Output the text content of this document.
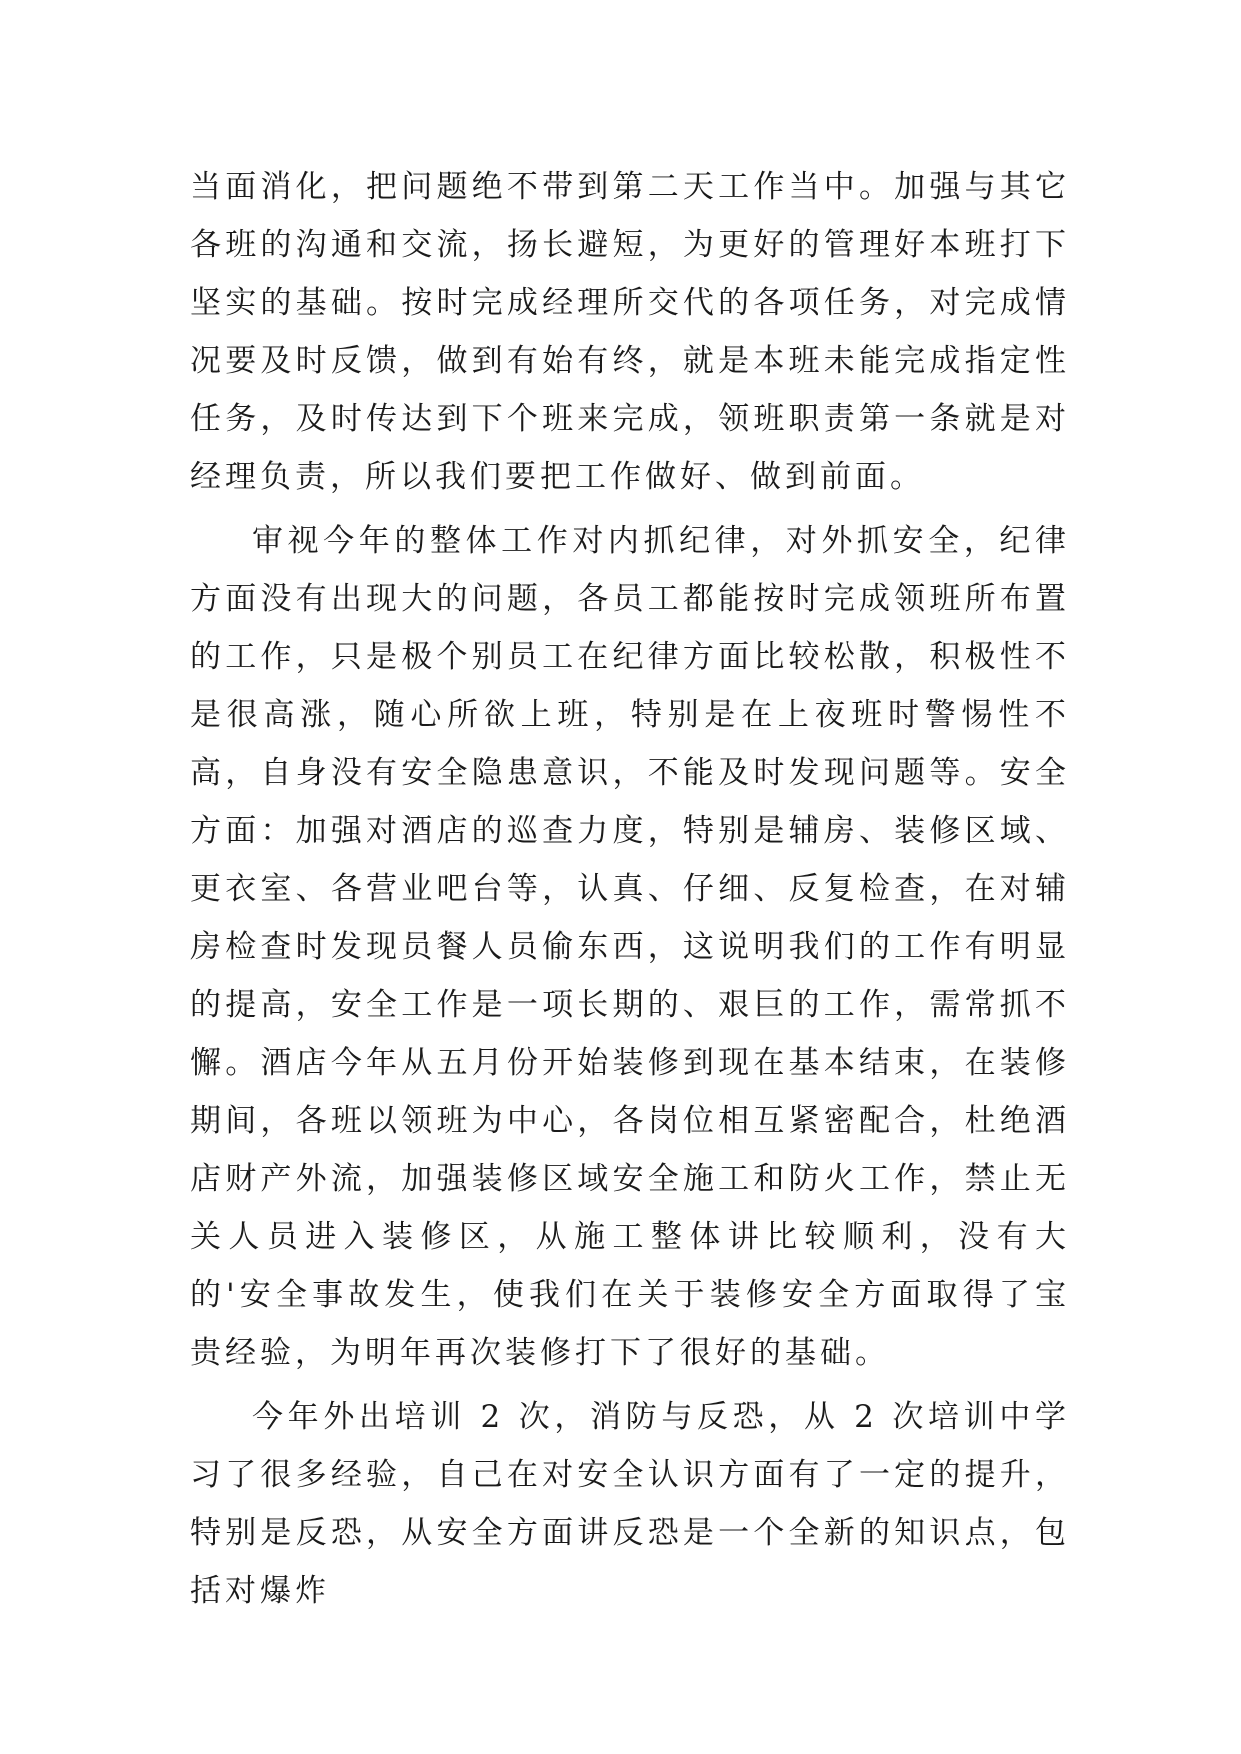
当面消化，把问题绝不带到第二天工作当中。加强与其它各班的沟通和交流，扬长避短，为更好的管理好本班打下坚实的基础。按时完成经理所交代的各项任务，对完成情况要及时反馈，做到有始有终，就是本班未能完成指定性任务，及时传达到下个班来完成，领班职责第一条就是对经理负责，所以我们要把工作做好、做到前面。

审视今年的整体工作对内抓纪律，对外抓安全，纪律方面没有出现大的问题，各员工都能按时完成领班所布置的工作，只是极个别员工在纪律方面比较松散，积极性不是很高涨，随心所欲上班，特别是在上夜班时警惕性不高，自身没有安全隐患意识，不能及时发现问题等。安全方面：加强对酒店的巡查力度，特别是辅房、装修区域、更衣室、各营业吧台等，认真、仔细、反复检查，在对辅房检查时发现员餐人员偷东西，这说明我们的工作有明显的提高，安全工作是一项长期的、艰巨的工作，需常抓不懈。酒店今年从五月份开始装修到现在基本结束，在装修期间，各班以领班为中心，各岗位相互紧密配合，杜绝酒店财产外流，加强装修区域安全施工和防火工作，禁止无关人员进入装修区，从施工整体讲比较顺利，没有大的'安全事故发生，使我们在关于装修安全方面取得了宝贵经验，为明年再次装修打下了很好的基础。

今年外出培训 2 次，消防与反恐，从 2 次培训中学习了很多经验，自己在对安全认识方面有了一定的提升，特别是反恐，从安全方面讲反恐是一个全新的知识点，包括对爆炸
